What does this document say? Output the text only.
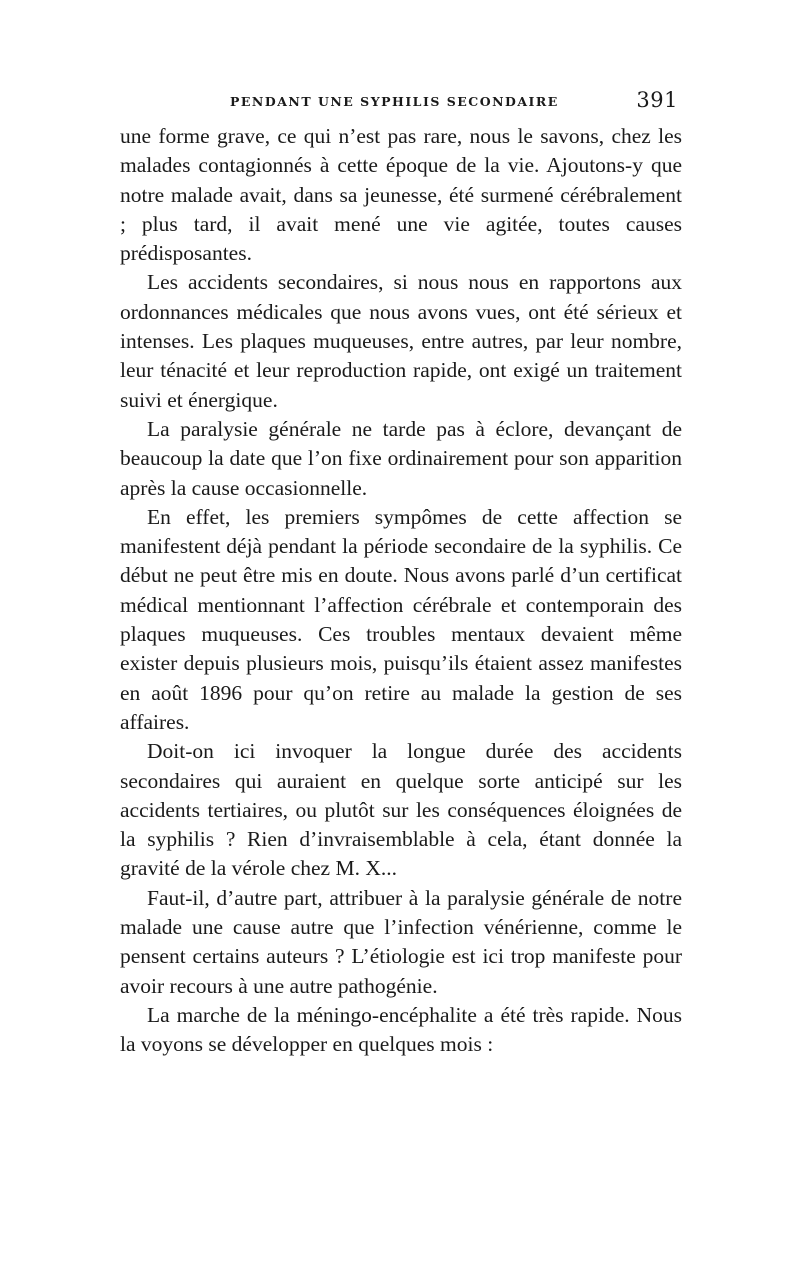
PENDANT UNE SYPHILIS SECONDAIRE	391

une forme grave, ce qui n’est pas rare, nous le savons, chez les malades contagionnés à cette époque de la vie. Ajoutons-y que notre malade avait, dans sa jeunesse, été surmené cérébralement ; plus tard, il avait mené une vie agitée, toutes causes prédisposantes.

Les accidents secondaires, si nous nous en rapportons aux ordonnances médicales que nous avons vues, ont été sérieux et intenses. Les plaques muqueuses, entre autres, par leur nombre, leur ténacité et leur reproduction rapide, ont exigé un traitement suivi et énergique.

La paralysie générale ne tarde pas à éclore, devançant de beaucoup la date que l’on fixe ordinairement pour son apparition après la cause occasionnelle.

En effet, les premiers sympômes de cette affection se manifestent déjà pendant la période secondaire de la syphilis. Ce début ne peut être mis en doute. Nous avons parlé d’un certificat médical mentionnant l’affection cérébrale et contemporain des plaques muqueuses. Ces troubles mentaux devaient même exister depuis plusieurs mois, puisqu’ils étaient assez manifestes en août 1896 pour qu’on retire au malade la gestion de ses affaires.

Doit-on ici invoquer la longue durée des accidents secondaires qui auraient en quelque sorte anticipé sur les accidents tertiaires, ou plutôt sur les conséquences éloignées de la syphilis ? Rien d’invraisemblable à cela, étant donnée la gravité de la vérole chez M. X...

Faut-il, d’autre part, attribuer à la paralysie générale de notre malade une cause autre que l’infection vénérienne, comme le pensent certains auteurs ? L’étiologie est ici trop manifeste pour avoir recours à une autre pathogénie.

La marche de la méningo-encéphalite a été très rapide. Nous la voyons se développer en quelques mois :
